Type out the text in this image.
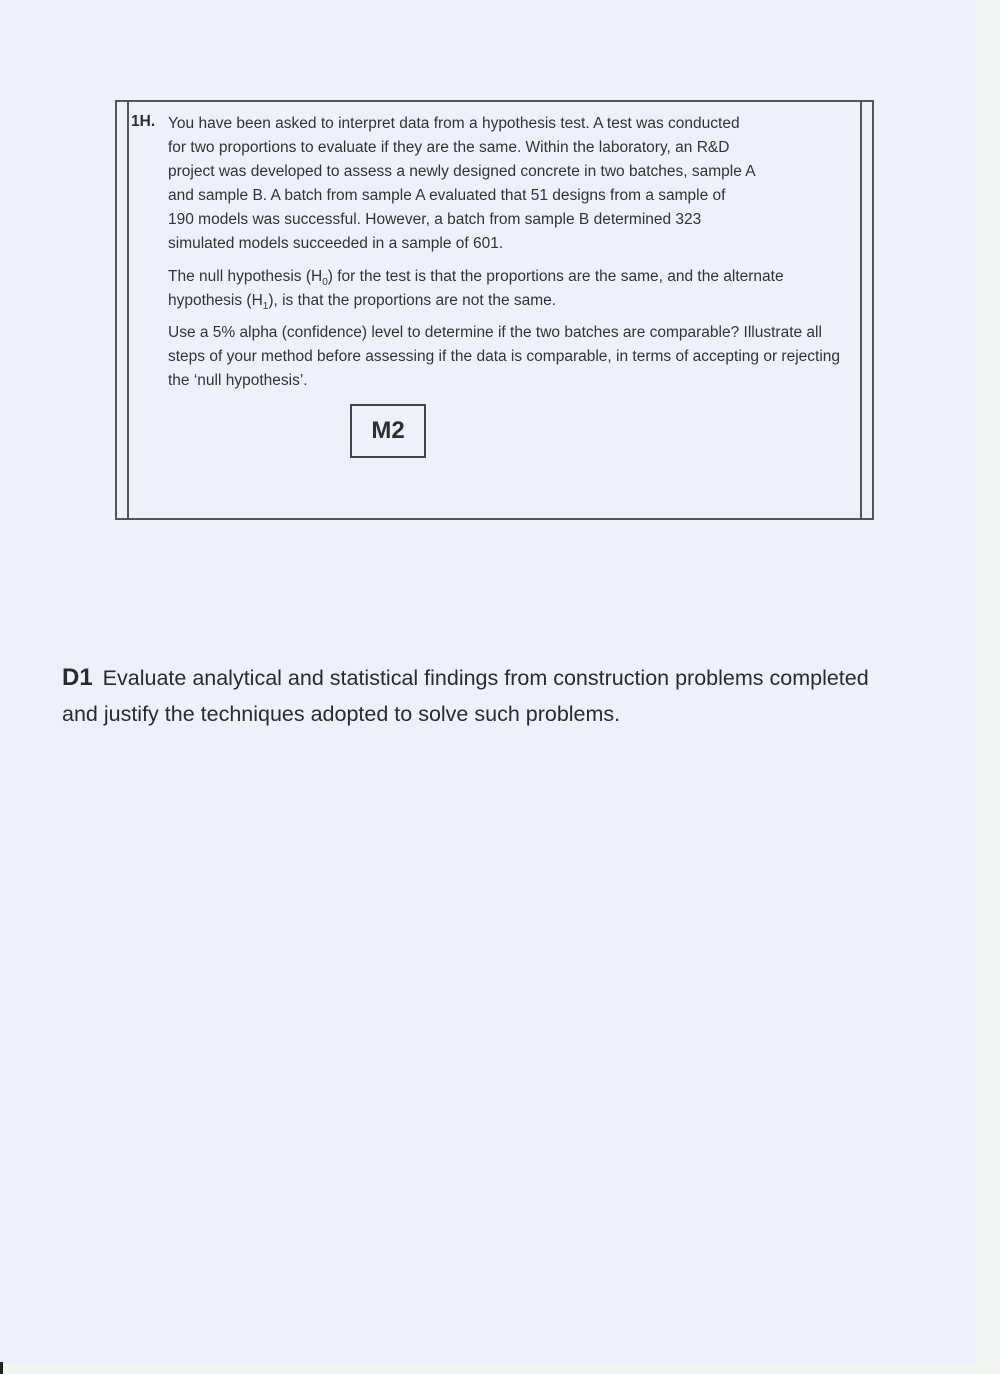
1H. You have been asked to interpret data from a hypothesis test. A test was conducted
for two proportions to evaluate if they are the same. Within the laboratory, an R&D
project was developed to assess a newly designed concrete in two batches, sample A
and sample B. A batch from sample A evaluated that 51 designs from a sample of
190 models was successful. However, a batch from sample B determined 323
simulated models succeeded in a sample of 601.

The null hypothesis $(H_0)$ for the test is that the proportions are the same, and the alternate hypothesis $(H_1)$, is that the proportions are not the same.

Use a 5% alpha (confidence) level to determine if the two batches are comparable? Illustrate all steps of your method before assessing if the data is comparable, in terms of accepting or rejecting the ‘null hypothesis’.

M2
D1 Evaluate analytical and statistical findings from construction problems completed and justify the techniques adopted to solve such problems.
